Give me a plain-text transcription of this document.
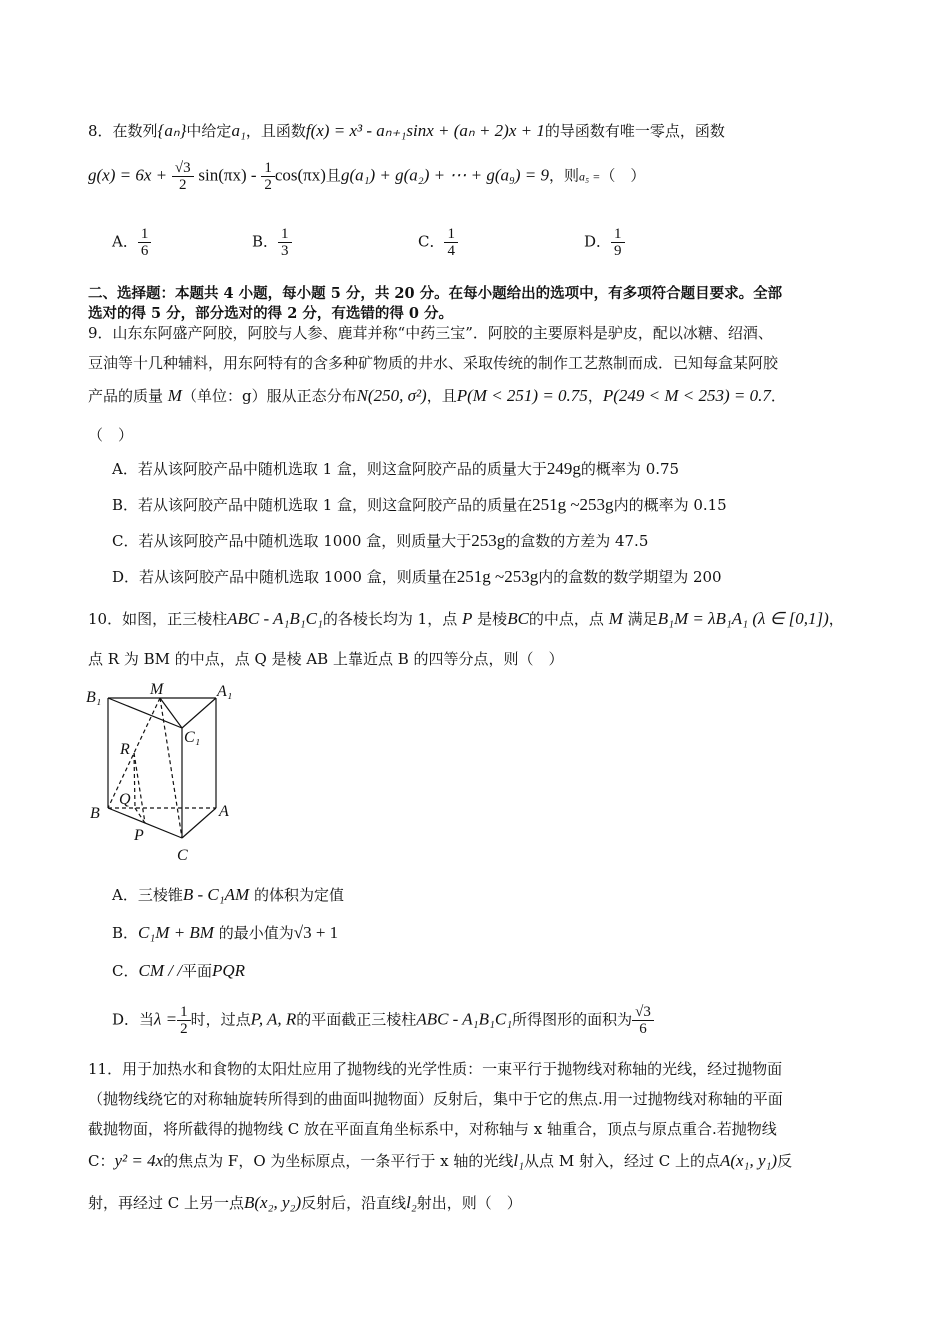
8．在数列{aₙ}中给定a₁，且函数f(x) = x³ - aₙ₊₁sinx + (aₙ + 2)x + 1的导函数有唯一零点，函数
$g(x) = 6x + \frac{√3}{2} \sin(\pi x) - \frac{1}{2} \cos(\pi x)$且g(a₁) + g(a₂) + ⋯ + g(a₉) = 9，则a₅ =（　）
A． $\frac{1}{6}$	B． $\frac{1}{3}$	C． $\frac{1}{4}$	D． $\frac{1}{9}$
二、选择题：本题共 4 小题，每小题 5 分，共 20 分。在每小题给出的选项中，有多项符合题目要求。全部
选对的得 5 分，部分选对的得 2 分，有选错的得 0 分。
9．山东东阿盛产阿胶，阿胶与人参、鹿茸并称“中药三宝”．阿胶的主要原料是驴皮，配以冰糖、绍酒、
豆油等十几种辅料，用东阿特有的含多种矿物质的井水、采取传统的制作工艺熬制而成．已知每盒某阿胶
产品的质量 M（单位：g）服从正态分布N(250, σ²)，且P(M < 251) = 0.75，P(249 < M < 253) = 0.7．
（　）
A．若从该阿胶产品中随机选取 1 盒，则这盒阿胶产品的质量大于249g的概率为 0.75
B．若从该阿胶产品中随机选取 1 盒，则这盒阿胶产品的质量在251g ~253g内的概率为 0.15
C．若从该阿胶产品中随机选取 1000 盒，则质量大于253g的盒数的方差为 47.5
D．若从该阿胶产品中随机选取 1000 盒，则质量在251g ~253g内的盒数的数学期望为 200
10．如图，正三棱柱ABC - A₁B₁C₁的各棱长均为 1，点 P 是棱BC的中点，点 M 满足B₁M = λB₁A₁ (λ ∈ [0,1])，
点 R 为 BM 的中点，点 Q 是棱 AB 上靠近点 B 的四等分点，则（　）
B₁	M	A₁
C₁
R
Q
B	A
P
C
A．三棱锥B - C₁AM 的体积为定值
B．C₁M + BM 的最小值为√3 + 1
C．CM / /平面PQR
D．当$\lambda = \frac{1}{2}$ 时，过点P, A, R的平面截正三棱柱ABC - A₁B₁C₁所得图形的面积为 $\frac{√3}{6}$
11．用于加热水和食物的太阳灶应用了抛物线的光学性质：一束平行于抛物线对称轴的光线，经过抛物面
（抛物线绕它的对称轴旋转所得到的曲面叫抛物面）反射后，集中于它的焦点.用一过抛物线对称轴的平面
截抛物面，将所截得的抛物线 C 放在平面直角坐标系中，对称轴与 x 轴重合，顶点与原点重合.若抛物线
C：y² = 4x的焦点为 F，O 为坐标原点，一条平行于 x 轴的光线l₁从点 M 射入，经过 C 上的点A(x₁, y₁)反
射，再经过 C 上另一点B(x₂, y₂)反射后，沿直线l₂射出，则（　）
